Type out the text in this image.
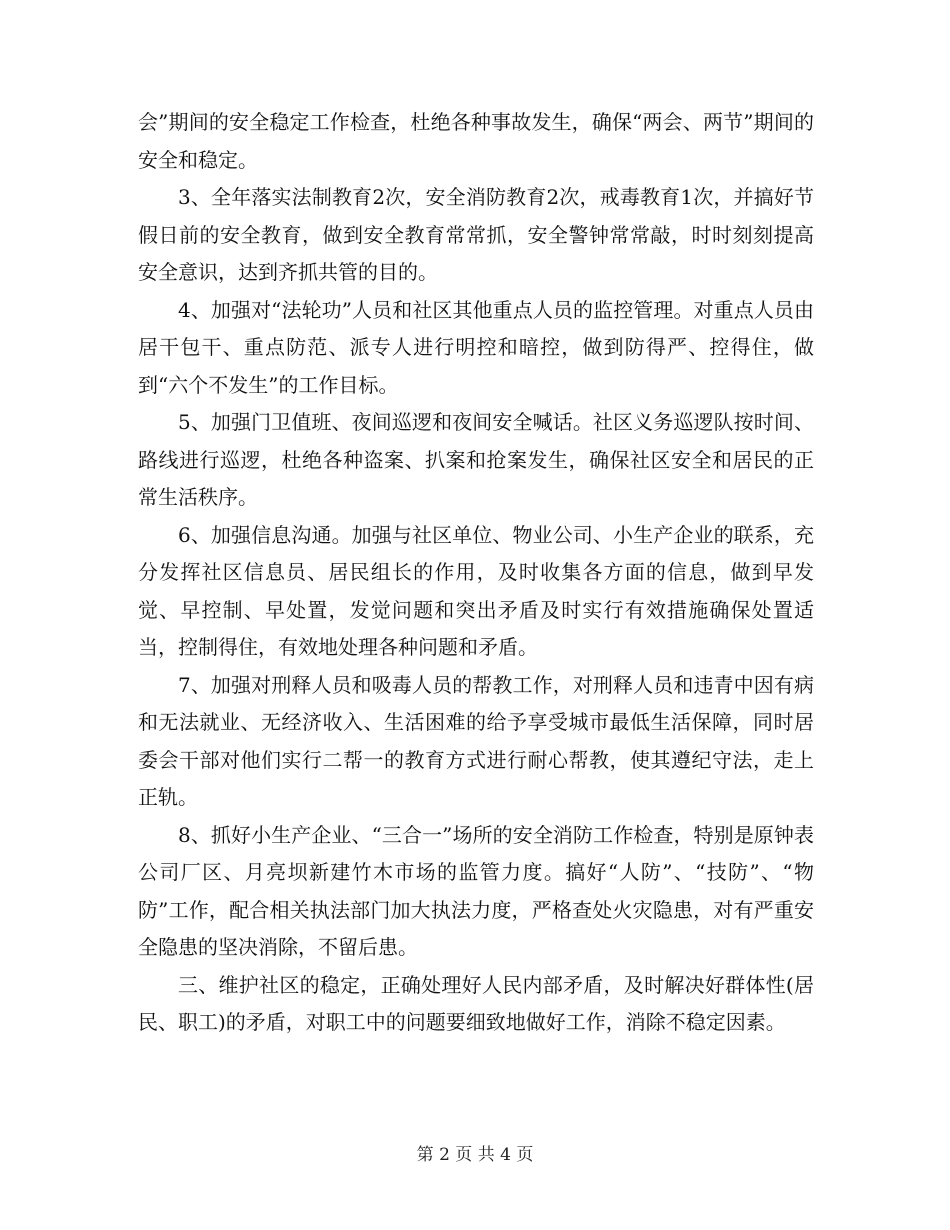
会”期间的安全稳定工作检查，杜绝各种事故发生，确保“两会、两节”期间的安全和稳定。

3、全年落实法制教育2次，安全消防教育2次，戒毒教育1次，并搞好节假日前的安全教育，做到安全教育常常抓，安全警钟常常敲，时时刻刻提高安全意识，达到齐抓共管的目的。

4、加强对“法轮功”人员和社区其他重点人员的监控管理。对重点人员由居干包干、重点防范、派专人进行明控和暗控，做到防得严、控得住，做到“六个不发生”的工作目标。

5、加强门卫值班、夜间巡逻和夜间安全喊话。社区义务巡逻队按时间、路线进行巡逻，杜绝各种盗案、扒案和抢案发生，确保社区安全和居民的正常生活秩序。

6、加强信息沟通。加强与社区单位、物业公司、小生产企业的联系，充分发挥社区信息员、居民组长的作用，及时收集各方面的信息，做到早发觉、早控制、早处置，发觉问题和突出矛盾及时实行有效措施确保处置适当，控制得住，有效地处理各种问题和矛盾。

7、加强对刑释人员和吸毒人员的帮教工作，对刑释人员和违青中因有病和无法就业、无经济收入、生活困难的给予享受城市最低生活保障，同时居委会干部对他们实行二帮一的教育方式进行耐心帮教，使其遵纪守法，走上正轨。

8、抓好小生产企业、“三合一”场所的安全消防工作检查，特别是原钟表公司厂区、月亮坝新建竹木市场的监管力度。搞好“人防”、“技防”、“物防”工作，配合相关执法部门加大执法力度，严格查处火灾隐患，对有严重安全隐患的坚决消除，不留后患。

三、维护社区的稳定，正确处理好人民内部矛盾，及时解决好群体性(居民、职工)的矛盾，对职工中的问题要细致地做好工作，消除不稳定因素。

第 2 页 共 4 页
